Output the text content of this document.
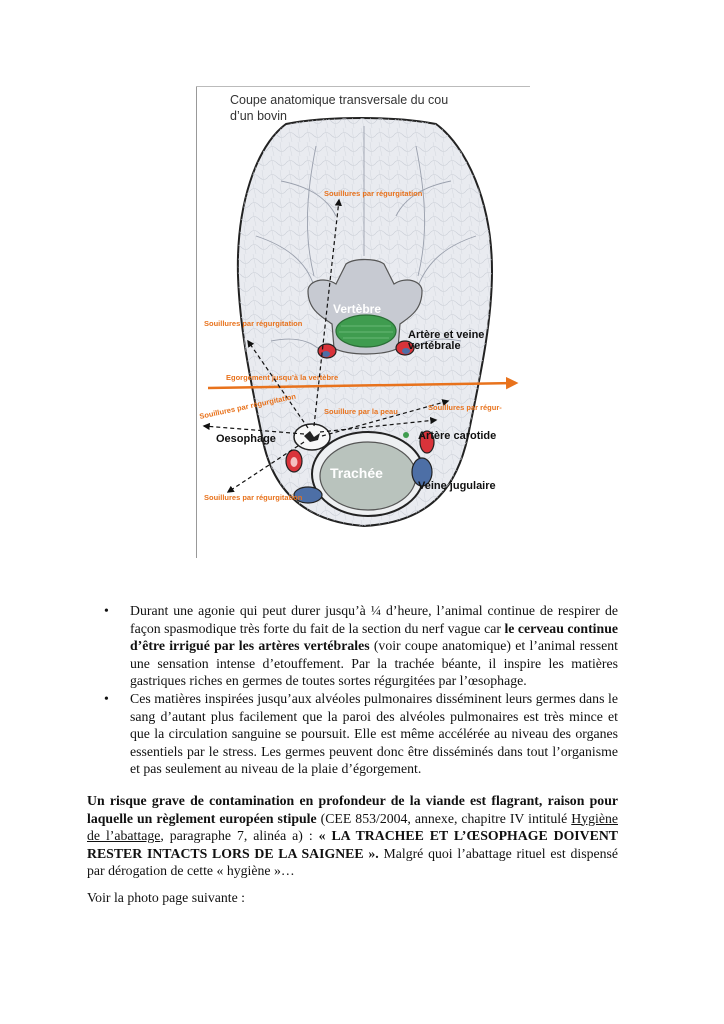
Coupe anatomique transversale du cou
d’un bovin
Vertèbre
Artère et veine
vertébrale
Egorgement jusqu’à la vertèbre
Trachée
Oesophage	Artère carotide
Veine jugulaire
Souillures par régurgitation
Souillures par régurgitation
Souillures par régurgitation
Souillures par régurgitation
Souillure par la peau	Souillures par régur-
• Durant une agonie qui peut durer jusqu’à ¼ d’heure, l’animal continue de respirer de façon spasmodique très forte du fait de la section du nerf vague car le cerveau continue d’être irrigué par les artères vertébrales (voir coupe anatomique) et l’animal ressent une sensation intense d’etouffement. Par la trachée béante, il inspire les matières gastriques riches en germes de toutes sortes régurgitées par l’œsophage.
• Ces matières inspirées jusqu’aux alvéoles pulmonaires disséminent leurs germes dans le sang d’autant plus facilement que la paroi des alvéoles pulmonaires est très mince et que la circulation sanguine se poursuit. Elle est même accélérée au niveau des organes essentiels par le stress. Les germes peuvent donc être disséminés dans tout l’organisme et pas seulement au niveau de la plaie d’égorgement.

Un risque grave de contamination en profondeur de la viande est flagrant, raison pour laquelle un règlement européen stipule (CEE 853/2004, annexe, chapitre IV intitulé Hygiène de l’abattage, paragraphe 7, alinéa a) : « LA TRACHEE ET L’ŒSOPHAGE DOIVENT RESTER INTACTS LORS DE LA SAIGNEE ». Malgré quoi l’abattage rituel est dispensé par dérogation de cette « hygiène »…

Voir la photo page suivante :
